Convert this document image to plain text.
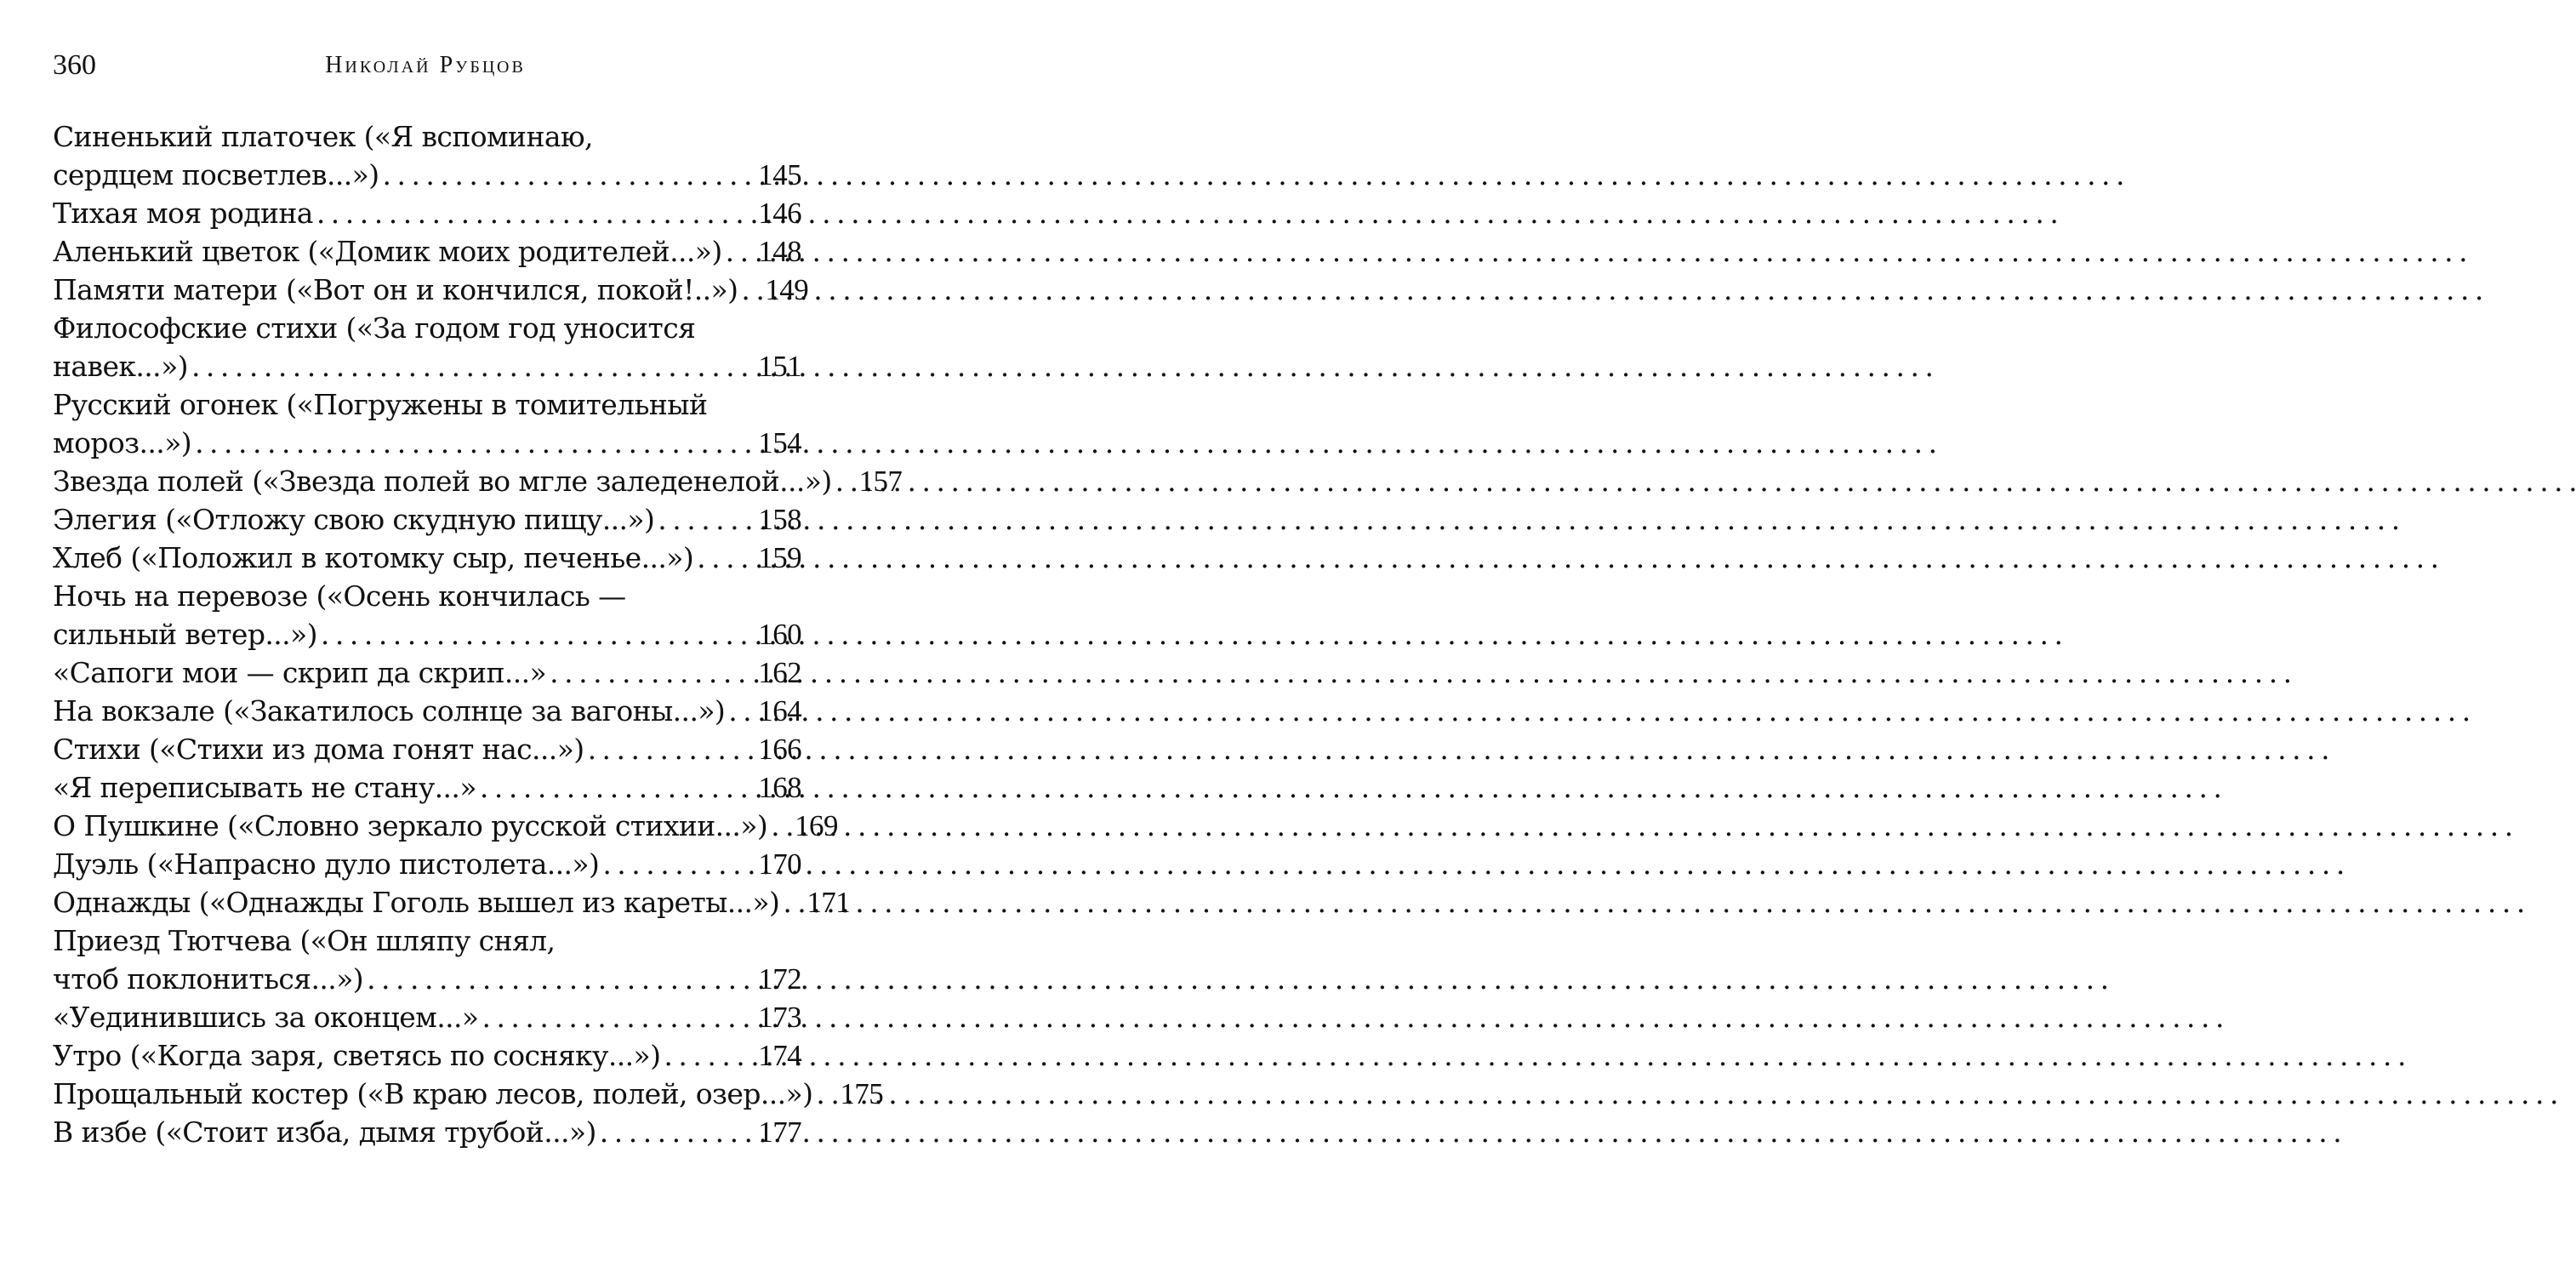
360	Николай Рубцов
Синенький платочек («Я вспоминаю,
сердцем посветлев...») . . .	145
Тихая моя родина . . .	146
Аленький цветок («Домик моих родителей...») . . . 148
Памяти матери («Вот он и кончился, покой!..») . . . 149
Философские стихи («За годом год уносится
навек...») . . .	151
Русский огонек («Погружены в томительный
мороз...») . . .	154
Звезда полей («Звезда полей во мгле заледенелой...») . . . 157
Элегия («Отложу свою скудную пищу...») . . .	158
Хлеб («Положил в котомку сыр, печенье...») . . . 159
Ночь на перевозе («Осень кончилась —
сильный ветер...») . . .	160
«Сапоги мои — скрип да скрип...» . . .	162
На вокзале («Закатилось солнце за вагоны...») . . . 164
Стихи («Стихи из дома гонят нас...») . . .	166
«Я переписывать не стану...» . . .	168
О Пушкине («Словно зеркало русской стихии...») . . . 169
Дуэль («Напрасно дуло пистолета...») . . .	170
Однажды («Однажды Гоголь вышел из кареты...») . . . 171
Приезд Тютчева («Он шляпу снял,
чтоб поклониться...») . . .	172
«Уединившись за оконцем...» . . .	173
Утро («Когда заря, светясь по сосняку...») . . .	174
Прощальный костер («В краю лесов, полей, озер...») . . . 175
В избе («Стоит изба, дымя трубой...») . . .	177
